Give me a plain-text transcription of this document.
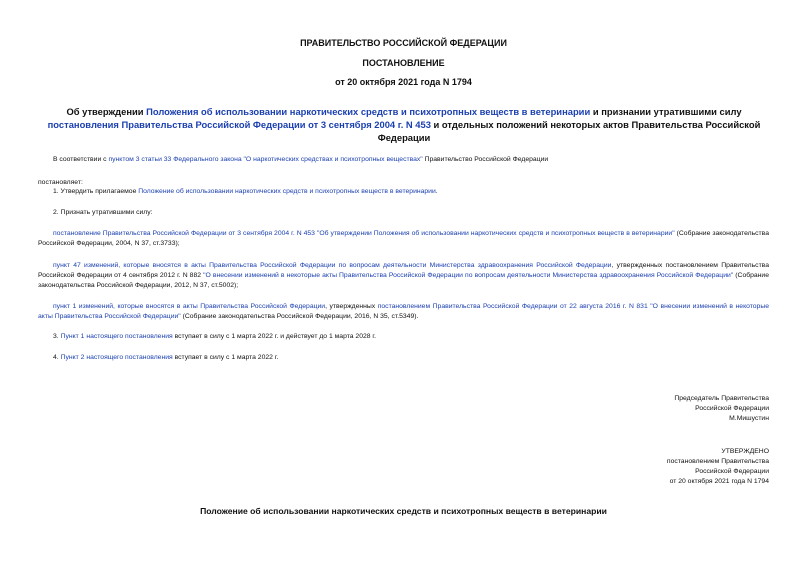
ПРАВИТЕЛЬСТВО РОССИЙСКОЙ ФЕДЕРАЦИИ
ПОСТАНОВЛЕНИЕ
от 20 октября 2021 года N 1794
Об утверждении Положения об использовании наркотических средств и психотропных веществ в ветеринарии и признании утратившими силу постановления Правительства Российской Федерации от 3 сентября 2004 г. N 453 и отдельных положений некоторых актов Правительства Российской Федерации
В соответствии с пунктом 3 статьи 33 Федерального закона "О наркотических средствах и психотропных веществах" Правительство Российской Федерации
постановляет:
1. Утвердить прилагаемое Положение об использовании наркотических средств и психотропных веществ в ветеринарии.
2. Признать утратившими силу:
постановление Правительства Российской Федерации от 3 сентября 2004 г. N 453 "Об утверждении Положения об использовании наркотических средств и психотропных веществ в ветеринарии" (Собрание законодательства Российской Федерации, 2004, N 37, ст.3733);
пункт 47 изменений, которые вносятся в акты Правительства Российской Федерации по вопросам деятельности Министерства здравоохранения Российской Федерации, утвержденных постановлением Правительства Российской Федерации от 4 сентября 2012 г. N 882 "О внесении изменений в некоторые акты Правительства Российской Федерации по вопросам деятельности Министерства здравоохранения Российской Федерации" (Собрание законодательства Российской Федерации, 2012, N 37, ст.5002);
пункт 1 изменений, которые вносятся в акты Правительства Российской Федерации, утвержденных постановлением Правительства Российской Федерации от 22 августа 2016 г. N 831 "О внесении изменений в некоторые акты Правительства Российской Федерации" (Собрание законодательства Российской Федерации, 2016, N 35, ст.5349).
3. Пункт 1 настоящего постановления вступает в силу с 1 марта 2022 г. и действует до 1 марта 2028 г.
4. Пункт 2 настоящего постановления вступает в силу с 1 марта 2022 г.
Председатель Правительства
Российской Федерации
М.Мишустин
УТВЕРЖДЕНО
постановлением Правительства
Российской Федерации
от 20 октября 2021 года N 1794
Положение об использовании наркотических средств и психотропных веществ в ветеринарии
